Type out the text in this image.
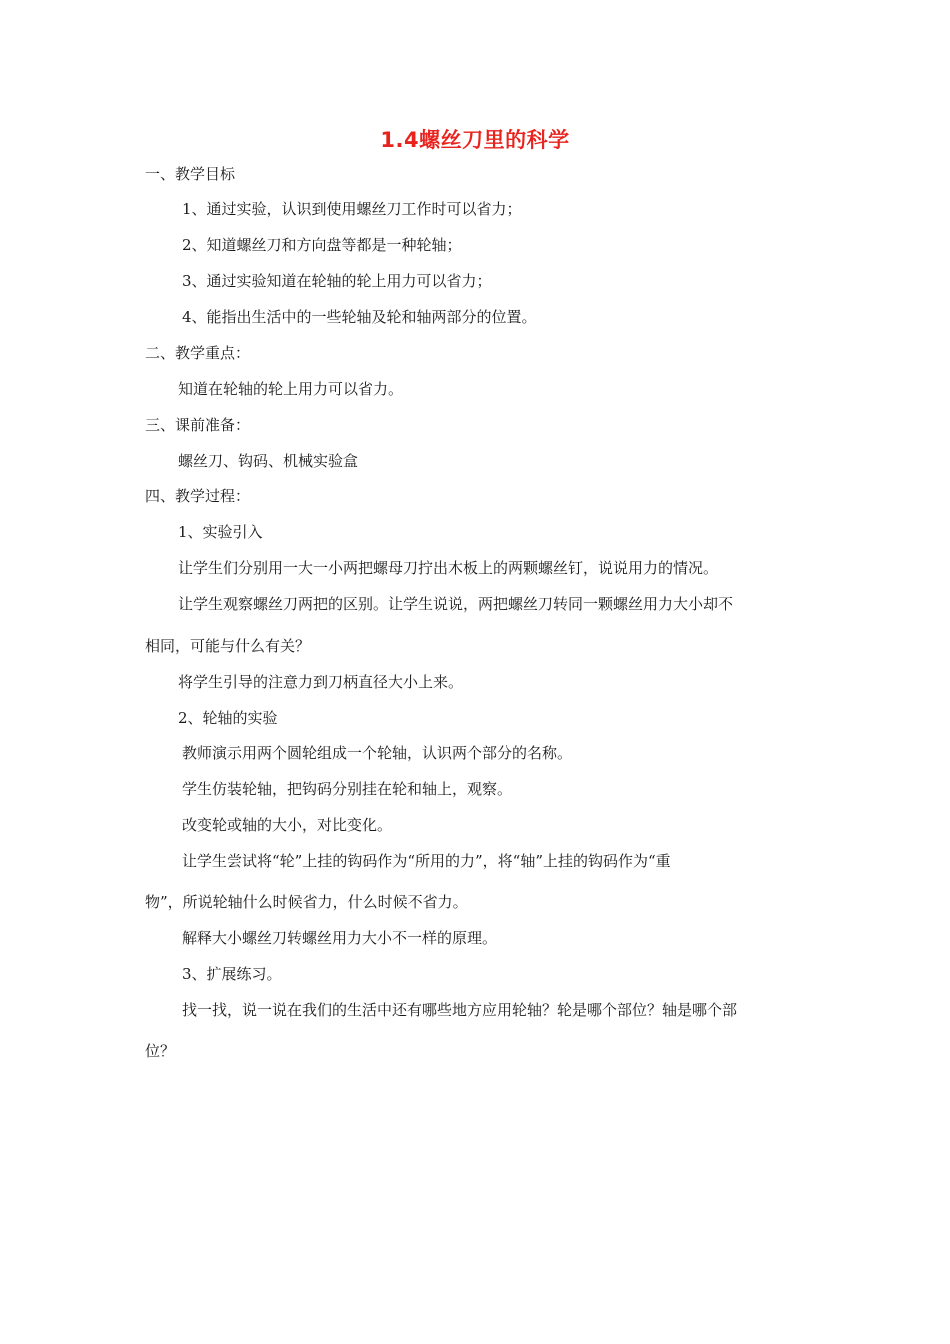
1.4螺丝刀里的科学
一、教学目标
1、通过实验，认识到使用螺丝刀工作时可以省力；
2、知道螺丝刀和方向盘等都是一种轮轴；
3、通过实验知道在轮轴的轮上用力可以省力；
4、能指出生活中的一些轮轴及轮和轴两部分的位置。
二、教学重点：
知道在轮轴的轮上用力可以省力。
三、课前准备：
螺丝刀、钩码、机械实验盒
四、教学过程：
1、实验引入
让学生们分别用一大一小两把螺母刀拧出木板上的两颗螺丝钉，说说用力的情况。
让学生观察螺丝刀两把的区别。让学生说说，两把螺丝刀转同一颗螺丝用力大小却不
相同，可能与什么有关？
将学生引导的注意力到刀柄直径大小上来。
2、轮轴的实验
教师演示用两个圆轮组成一个轮轴，认识两个部分的名称。
学生仿装轮轴，把钩码分别挂在轮和轴上，观察。
改变轮或轴的大小，对比变化。
让学生尝试将“轮”上挂的钩码作为“所用的力”，将“轴”上挂的钩码作为“重
物”，所说轮轴什么时候省力，什么时候不省力。
解释大小螺丝刀转螺丝用力大小不一样的原理。
3、扩展练习。
找一找，说一说在我们的生活中还有哪些地方应用轮轴？轮是哪个部位？轴是哪个部
位？
